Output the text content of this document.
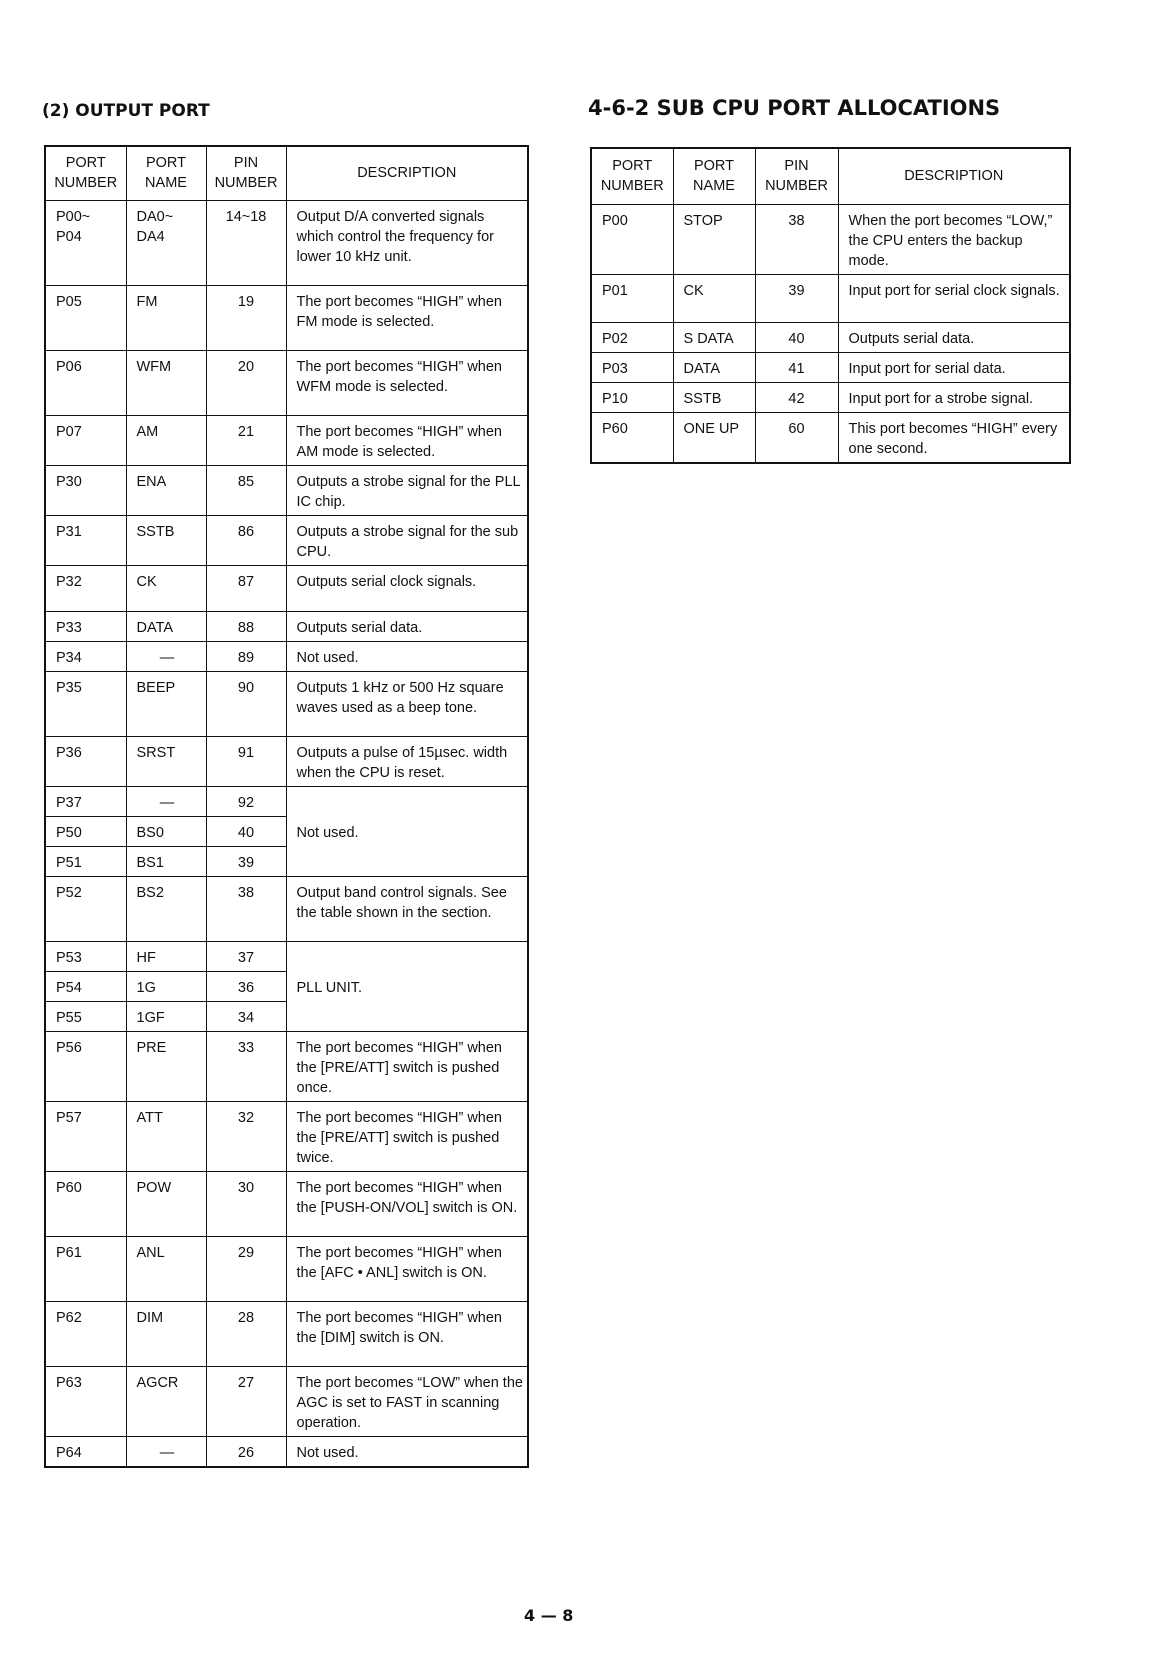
(2) OUTPUT PORT	4-6-2 SUB CPU PORT ALLOCATIONS
PORT NUMBER	PORT NAME	PIN NUMBER	DESCRIPTION
P00~ P04	DA0~ DA4	14~18	Output D/A converted signals which control the frequency for lower 10 kHz unit.
P05	FM	19	The port becomes “HIGH” when FM mode is selected.
P06	WFM	20	The port becomes “HIGH” when WFM mode is selected.
P07	AM	21	The port becomes “HIGH” when AM mode is selected.
P30	ENA	85	Outputs a strobe signal for the PLL IC chip.
P31	SSTB	86	Outputs a strobe signal for the sub CPU.
P32	CK	87	Outputs serial clock signals.
P33	DATA	88	Outputs serial data.
P34	—	89	Not used.
P35	BEEP	90	Outputs 1 kHz or 500 Hz square waves used as a beep tone.
P36	SRST	91	Outputs a pulse of 15µsec. width when the CPU is reset.
P37	—	92	Not used.
P50	BS0	40	
P51	BS1	39	
P52	BS2	38	Output band control signals. See the table shown in the section.
P53	HF	37	PLL UNIT.
P54	1G	36	
P55	1GF	34	
P56	PRE	33	The port becomes “HIGH” when the [PRE/ATT] switch is pushed once.
P57	ATT	32	The port becomes “HIGH” when the [PRE/ATT] switch is pushed twice.
P60	POW	30	The port becomes “HIGH” when the [PUSH-ON/VOL] switch is ON.
P61	ANL	29	The port becomes “HIGH” when the [AFC • ANL] switch is ON.
P62	DIM	28	The port becomes “HIGH” when the [DIM] switch is ON.
P63	AGCR	27	The port becomes “LOW” when the AGC is set to FAST in scanning operation.
P64	—	26	Not used.
PORT NUMBER	PORT NAME	PIN NUMBER	DESCRIPTION
P00	STOP	38	When the port becomes “LOW,” the CPU enters the backup mode.
P01	CK	39	Input port for serial clock signals.
P02	S DATA	40	Outputs serial data.
P03	DATA	41	Input port for serial data.
P10	SSTB	42	Input port for a strobe signal.
P60	ONE UP	60	This port becomes “HIGH” every one second.
4 — 8
